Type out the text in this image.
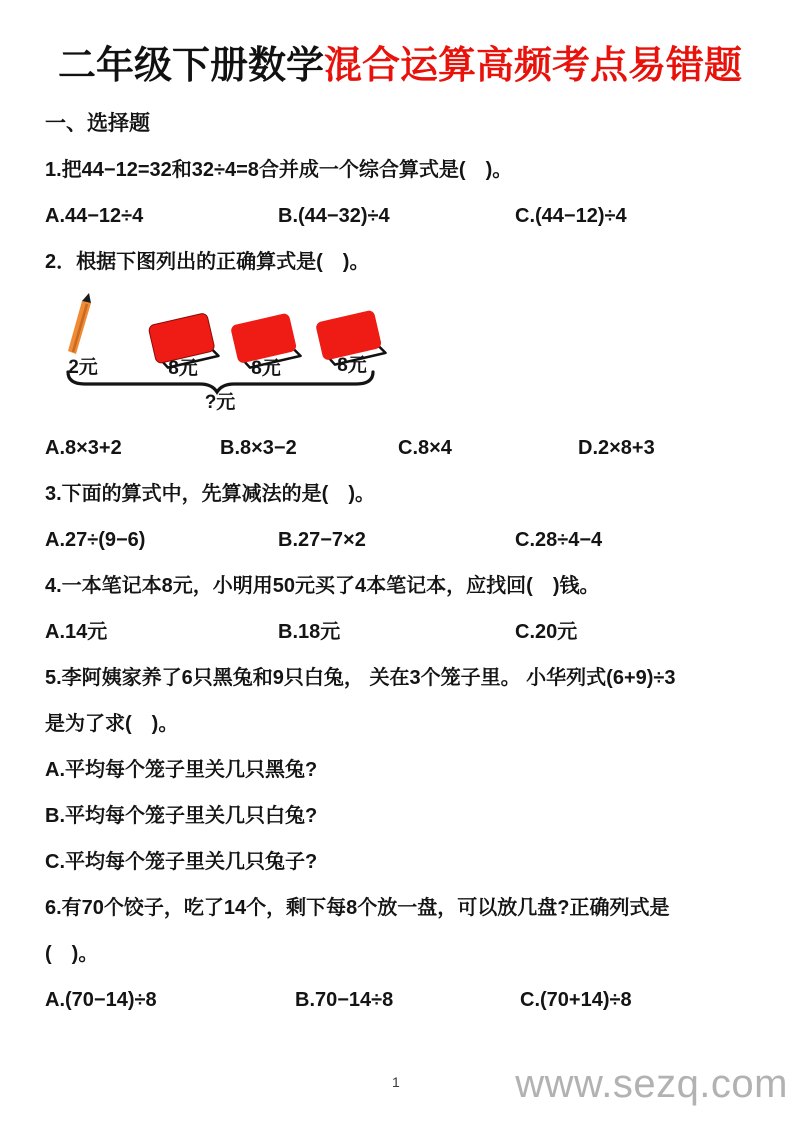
二年级下册数学混合运算高频考点易错题
一、选择题
1.把44−12=32和32÷4=8合并成一个综合算式是(　)。
A.44−12÷4	B.(44−32)÷4	C.(44−12)÷4
2．根据下图列出的正确算式是(　)。
2元	8元	8元	8元
?元
A.8×3+2	B.8×3−2	C.8×4	D.2×8+3
3.下面的算式中，先算减法的是(　)。
A.27÷(9−6)	B.27−7×2	C.28÷4−4
4.一本笔记本8元，小明用50元买了4本笔记本，应找回(　)钱。
A.14元	B.18元	C.20元
5.李阿姨家养了6只黑兔和9只白兔， 关在3个笼子里。 小华列式(6+9)÷3
是为了求(　)。
A.平均每个笼子里关几只黑兔?
B.平均每个笼子里关几只白兔?
C.平均每个笼子里关几只兔子?
6.有70个饺子，吃了14个，剩下每8个放一盘，可以放几盘?正确列式是
(　)。
A.(70−14)÷8	B.70−14÷8	C.(70+14)÷8
1	www.sezq.com
